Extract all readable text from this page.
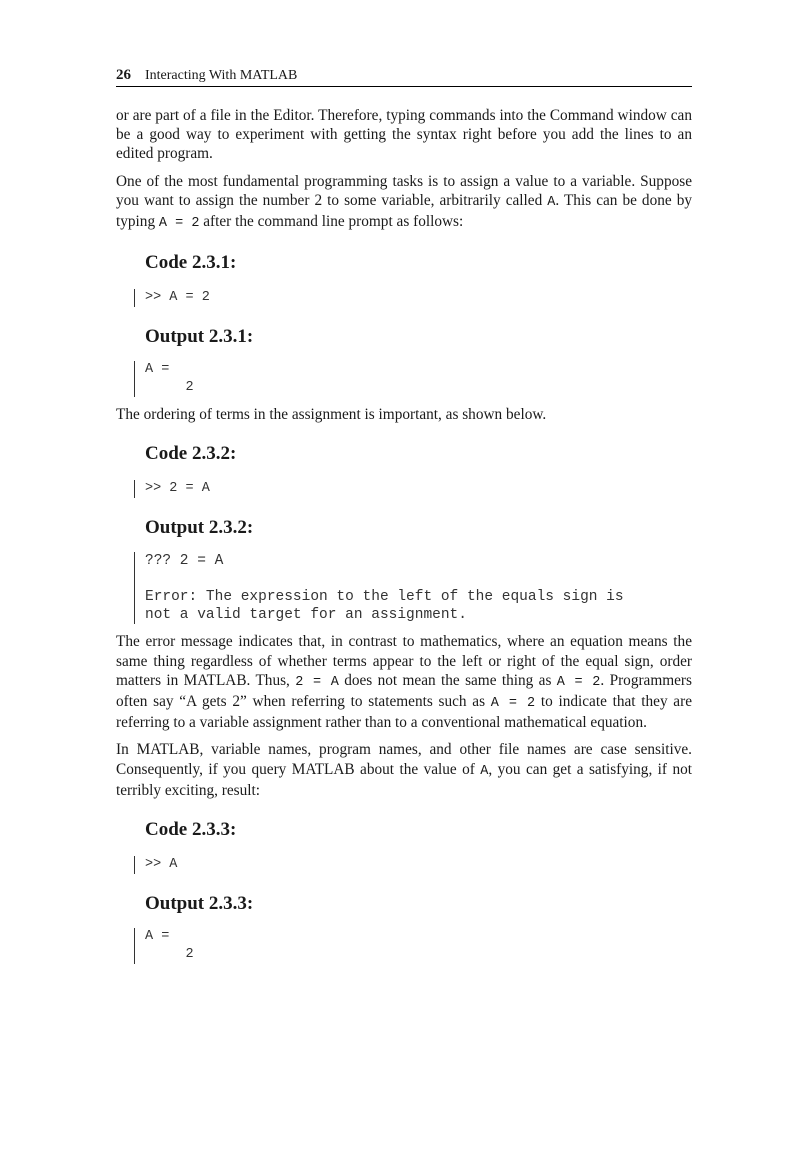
26 Interacting With MATLAB

or are part of a file in the Editor. Therefore, typing commands into the Command window can be a good way to experiment with getting the syntax right before you add the lines to an edited program.

One of the most fundamental programming tasks is to assign a value to a variable. Suppose you want to assign the number 2 to some variable, arbitrarily called A. This can be done by typing A = 2 after the command line prompt as follows:

Code 2.3.1:
>> A = 2
Output 2.3.1:
A =
2

The ordering of terms in the assignment is important, as shown below.

Code 2.3.2:
>> 2 = A
Output 2.3.2:
??? 2 = A

Error: The expression to the left of the equals sign is
not a valid target for an assignment.

The error message indicates that, in contrast to mathematics, where an equation means the same thing regardless of whether terms appear to the left or right of the equal sign, order matters in MATLAB. Thus, 2 = A does not mean the same thing as A = 2. Programmers often say “A gets 2” when referring to statements such as A = 2 to indicate that they are referring to a variable assignment rather than to a conventional mathematical equation.

In MATLAB, variable names, program names, and other file names are case sensitive. Consequently, if you query MATLAB about the value of A, you can get a satisfying, if not terribly exciting, result:

Code 2.3.3:
>> A
Output 2.3.3:
A =
2
